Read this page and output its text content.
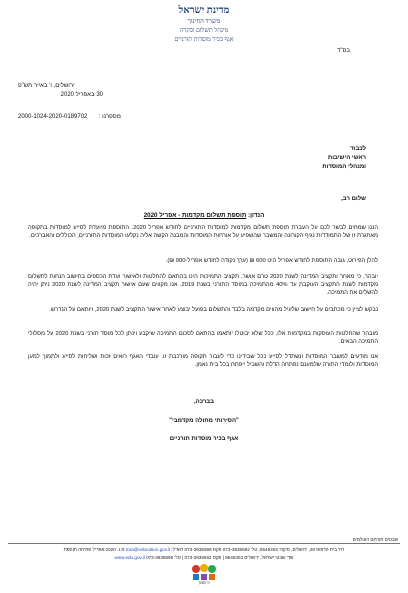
מדינת ישראל
משרד החינוך
מינהל תשלום ובקרה
אגף בכיר מוסדות תורניים
בס"ד
ירושלים, ו' באייר תש"פ
30 באפריל 2020
2000-1024-2020-0189702 מספרנו :
לכבוד
ראשי הישיבות
ומנהלי המוסדות
שלום רב,
הנדון: תוספת תשלום מקדמות - אפריל 2020
הננו שמחים לבשר לכם על העברת תוספת תשלום מקדמות למוסדות התורניים לחודש אפריל 2020. התוספת מיועדת לסייע למוסדות בתקופה מאתגרת זו של התמודדות נגיף הקורונה והמשבר שהשפיע על אורחות המוסדות והמבנה הקשה אליה נקלעו המוסדות התורניים, הכוללים והאברכים.
להלן הפירוט, גובה התוספת לחודש אפריל הינו 600 ₪ (ערך נקודה לחודש אפריל-900 ₪).
יובהר, כי מאחר ותקציב המדינה לשנת 2020 טרם אושר, תקציב התמיכות הינו בהתאם להחלטות ולאישור ועדת הכספים בחישוב הנחות לתשלום מקדמות לשנת התקציב העוקבת עד 40% מהתמיכה במוסד התורני בשנת 2019. אנו מקווים שעם אישור תקציב המדינה לשנת 2020 ניתן יהיה להשלים את התמיכה.
נבקש לציין כי מכתבים על חישוב שלעיל מהווים מקדמה בלבד והתשלום בפועל יבוצע לאחר אישור התקציב לשנת 2020, ויותאם על הנדרש.
מובהר שהחלטות העוסקות במקדמות אלו, ככל שלא יבוטלו יותאמו בהתאם לסכום התמיכה שיקבע וינתן לכל מוסד תורני בשנת 2020 על מסלולי התמיכה הבאים.
אנו מודעים למשבר המוסדות ונשתדל לסייע ככל שבידינו כדי לעבור תקופה מורכבת זו. עובדי האגף רואים זכות ושליחות לסייע ולתמוך למען המוסדות ולומדי התורה שלמענם נפתחה הדלת והשביל ייפתח בכל בית נאמן.
בברכה,
"הסירותי מחולה מקדמבי"
אגף בכיר מוסדות תורניים
שבטים תורתם העולמים
רח' בית הדפוס 28, ירושלים, מיקוד 9546303, טל' 073-3935592 פקס 073-3935596 דוא"ל: tora@education.gov.il מ.נ. 2020 אפריל פתיחה תוספת
שד' שבטי ישראל, ירושלים 9546303 | פקס 073-3935592 | טל' 073-3935596 www.edu.gov.il
כי ממך
